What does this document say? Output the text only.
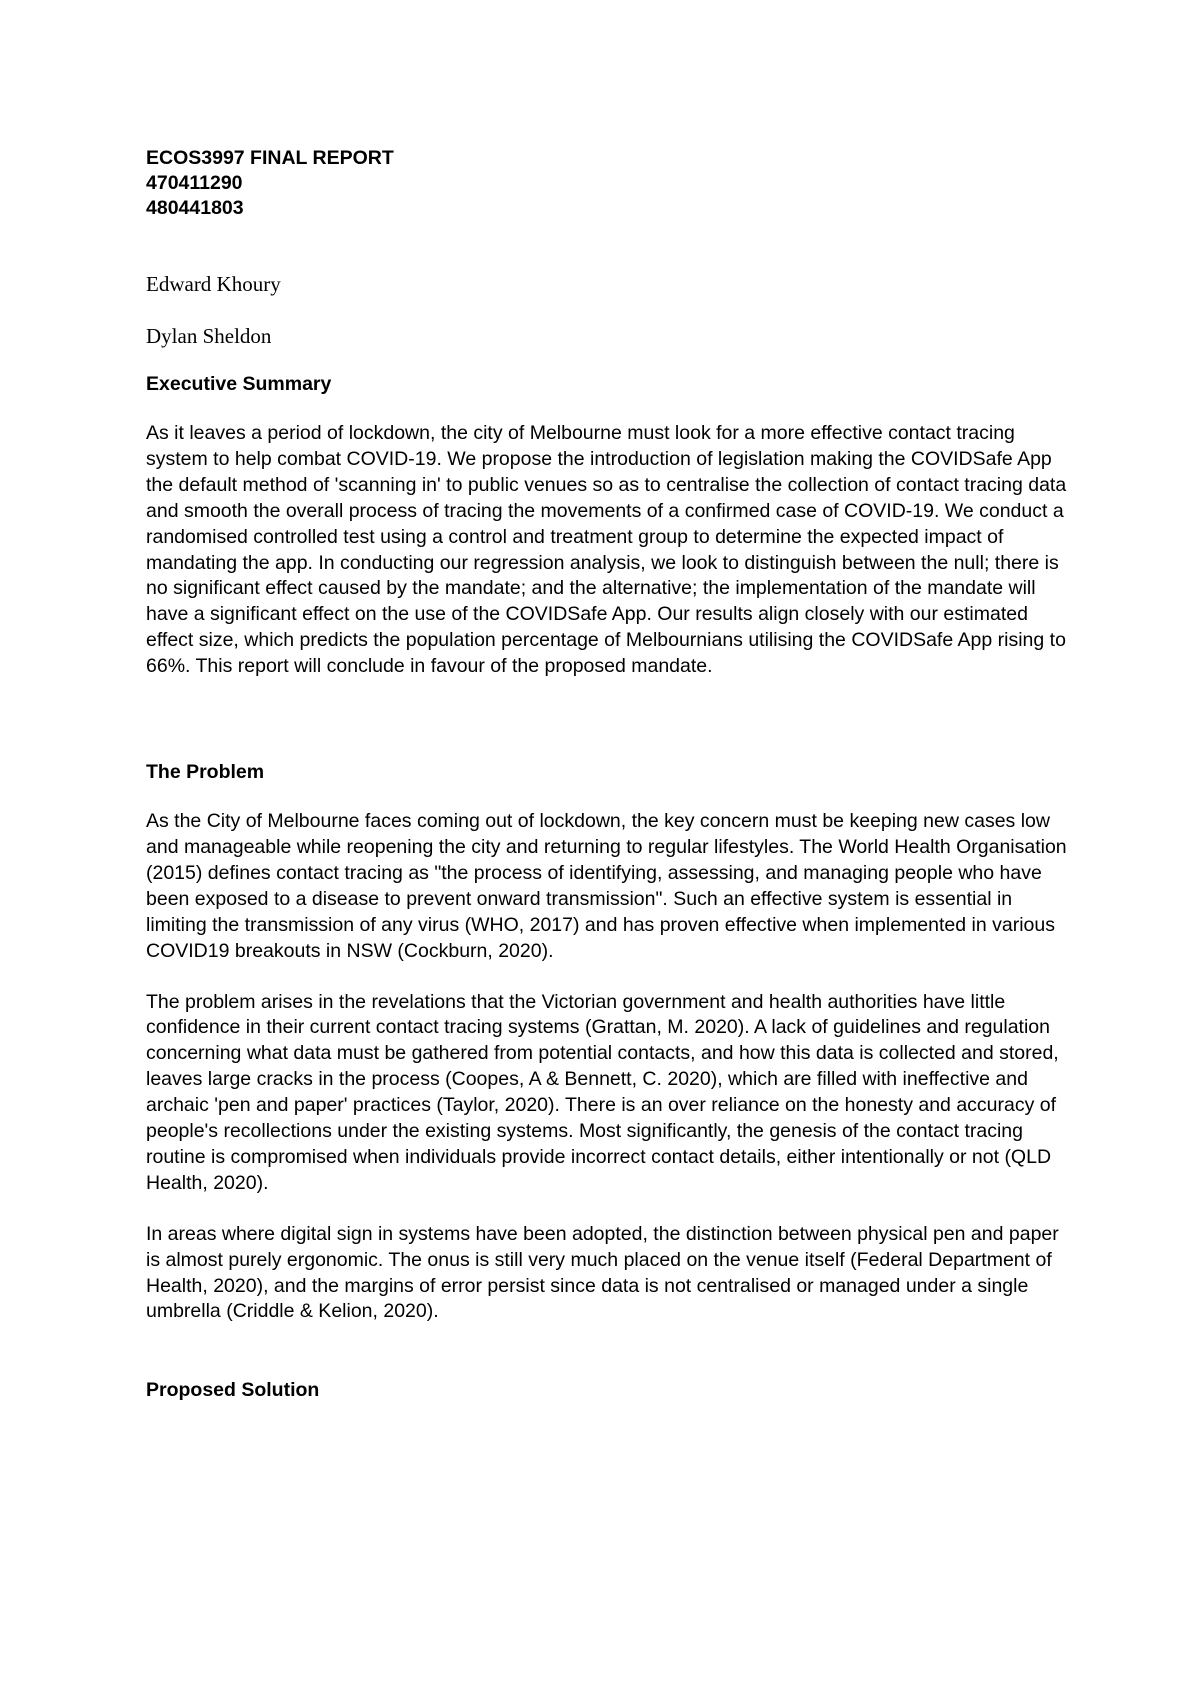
ECOS3997 FINAL REPORT
470411290
480441803

Edward Khoury

Dylan Sheldon

Executive Summary

As it leaves a period of lockdown, the city of Melbourne must look for a more effective contact tracing system to help combat COVID-19. We propose the introduction of legislation making the COVIDSafe App the default method of 'scanning in' to public venues so as to centralise the collection of contact tracing data and smooth the overall process of tracing the movements of a confirmed case of COVID-19. We conduct a randomised controlled test using a control and treatment group to determine the expected impact of mandating the app. In conducting our regression analysis, we look to distinguish between the null; there is no significant effect caused by the mandate; and the alternative; the implementation of the mandate will have a significant effect on the use of the COVIDSafe App. Our results align closely with our estimated effect size, which predicts the population percentage of Melbournians utilising the COVIDSafe App rising to 66%. This report will conclude in favour of the proposed mandate.

The Problem

As the City of Melbourne faces coming out of lockdown, the key concern must be keeping new cases low and manageable while reopening the city and returning to regular lifestyles. The World Health Organisation (2015) defines contact tracing as "the process of identifying, assessing, and managing people who have been exposed to a disease to prevent onward transmission". Such an effective system is essential in limiting the transmission of any virus (WHO, 2017) and has proven effective when implemented in various COVID19 breakouts in NSW (Cockburn, 2020).

The problem arises in the revelations that the Victorian government and health authorities have little confidence in their current contact tracing systems (Grattan, M. 2020). A lack of guidelines and regulation concerning what data must be gathered from potential contacts, and how this data is collected and stored, leaves large cracks in the process (Coopes, A & Bennett, C. 2020), which are filled with ineffective and archaic 'pen and paper' practices (Taylor, 2020). There is an over reliance on the honesty and accuracy of people's recollections under the existing systems. Most significantly, the genesis of the contact tracing routine is compromised when individuals provide incorrect contact details, either intentionally or not (QLD Health, 2020).

In areas where digital sign in systems have been adopted, the distinction between physical pen and paper is almost purely ergonomic. The onus is still very much placed on the venue itself (Federal Department of Health, 2020), and the margins of error persist since data is not centralised or managed under a single umbrella (Criddle & Kelion, 2020).

Proposed Solution
